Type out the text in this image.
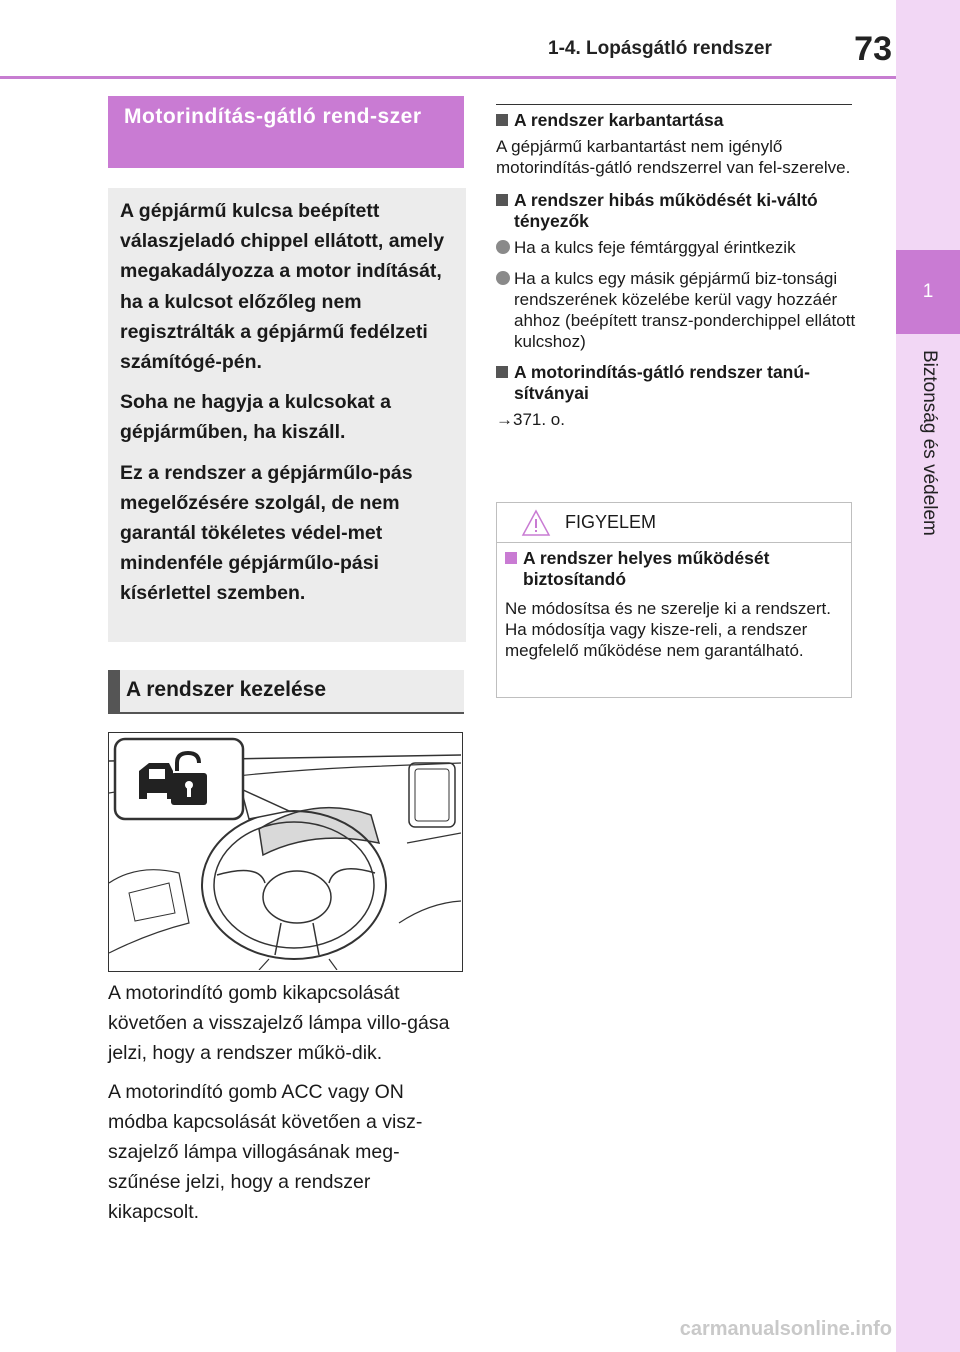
1-4. Lopásgátló rendszer	73
1
Biztonság és védelem
Motorindítás-gátló rend-szer

A gépjármű kulcsa beépített válaszjeladó chippel ellátott, amely megakadályozza a motor indítását, ha a kulcsot előzőleg nem regisztrálták a gépjármű fedélzeti számítógé-pén.

Soha ne hagyja a kulcsokat a gépjárműben, ha kiszáll.

Ez a rendszer a gépjárműlo-pás megelőzésére szolgál, de nem garantál tökéletes védel-met mindenféle gépjárműlo-pási kísérlettel szemben.

A rendszer kezelése

A motorindító gomb kikapcsolását követően a visszajelző lámpa villo-gása jelzi, hogy a rendszer műkö-dik.

A motorindító gomb ACC vagy ON módba kapcsolását követően a visz-szajelző lámpa villogásának meg-szűnése jelzi, hogy a rendszer kikapcsolt.

A rendszer karbantartása
A gépjármű karbantartást nem igénylő motorindítás-gátló rendszerrel van fel-szerelve.
A rendszer hibás működését ki-váltó tényezők
Ha a kulcs feje fémtárggyal érintkezik
Ha a kulcs egy másik gépjármű biz-tonsági rendszerének közelébe kerül vagy hozzáér ahhoz (beépített transz-ponderchippel ellátott kulcshoz)
A motorindítás-gátló rendszer tanú-sítványai
→371. o.
FIGYELEM
A rendszer helyes működését biztosítandó
Ne módosítsa és ne szerelje ki a rendszert. Ha módosítja vagy kisze-reli, a rendszer megfelelő működése nem garantálható.
carmanualsonline.info
